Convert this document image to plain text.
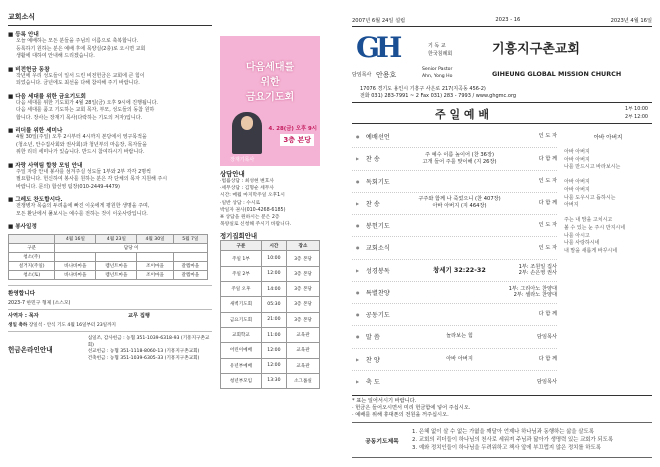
교회소식
■ 등록 안내
오늘 예배하는 모든 분들을 주님의 이름으로 축복합니다.
등록하기 원하는 분은 예배 후에 목양실(2층)로 오시면 교회
생활에 대하여 안내해 드리겠습니다.
■ 비전헌금 동참
작년에 우리 성도들이 일서 드린 비전헌금은 교회에 큰 힘이
되었습니다. 금년에도 최선을 다해 참여해 주기 바랍니다.
■ 다음 세대를 위한 금요기도회
다음 세대를 위한 기도회가 4월 28일(금) 오후 9시에 진행됩니다.
다음 세대를 품고 기도하는 교회 목자, 부모, 성도들의 동참 원하
합니다. 장사는 장재기 목사(다락하는 기도의 저자)입니다.
■ 리더를 위한 세미나
4월 30일(주일) 오후 2시부터 4시까지 본당에서 영구목적을
(청소년, 안수집사회와 권사회)과 청년부의 마음장, 목자들을
위한 리더 세미나가 있습니다. 반드시 참여하시기 바랍니다.
■ 자랑 사역팀 합창 모임 안내
주일 자랑 안내 봉사를 섬겨주실 성도들 1부와 2부 각각 2명씩
필요합니다. 헌신하여 봉사를 원하는 분은 각 단체의 목자 지원해 주시
바랍니다. 문의) 합선영 팀장(010-2449-4479)
■ 그레도 찬도합시다.
전쟁병자 목숨의 두려움에 빠진 이웃에게 평원한 생명을 주며,
모든 환난에서 풀보시는 예수를 전하는 것이 이웃사랑입니다.
■ 봉사일정
	4월 16일	4월 23일	4월 30일	5월 7일
구분	담당 이			
청소(주)				
설거지(주일)	바나바마을	렘넌트마을	조이마을	갈렙마을
청소(토)	바나바마을	렘넌트마을	조이마을	갈렙마을
환영합니다
2023-7 한민구 형제 (소스모)
사역자 : 목자	교무 집행
생일 축하 장일석 - 안식 기도 4월 16일부터 23일까지
헌금온라인안내
십일조, 감사헌금 : 농협 351-1039-6318-93 (기흥지구촌교회)
선교헌금 : 농협 351-1118-8060-13 (기흥지구촌교회)
건축헌금 : 농협 351-1039-6305-33 (기흥지구촌교회)
다음세대를
위한
금요기도회
4. 28(금) 오후 9시
3층 본당
장재기목사
상담안내
·법률상담 : 최성현 변호사
·세무상담 : 김형순 세무사
시간: 매월 마지막주일 오후1시
·일반 상담 : 수시로
박일자 권사(010-4268-6185)
※ 상담을 원하시는 분은 2층
목양실로 신청해 주시기 바랍니다.
정기집회안내
구분	시간	장소
주일 1부	10:00	3층 본당
주일 2부	12:00	3층 본당
주일 오후	14:00	3층 본당
새벽기도회	05:30	3층 본당
금요기도회	21:00	3층 본당
교회학교	11:00	교육관
어린이예배	12:00	교육관
유년부예배	12:00	교육관
청년부모임	13:30	소그룹실
2007년 6월 24일 설립	2023 - 16	2023년 4월 16일
GH	기 독 교
한국침례회	기흥지구촌교회
담임목사 안용호
Senior Pastor
Ahn, Yong Ho	GIHEUNG GLOBAL MISSION CHURCH
17076 경기도 용인시 기흥구 사은로 217(지곡동 456-2)
전화 031) 283-7991 ~ 2 Fax 031) 283 - 7993 / www.ghgmc.org
주 일 예 배	1부 10:00
2부 12:00
● 예배선언	인 도 자
▶ 찬 송
주 예수 이름 높이어 (찬 36장)
고개 들어 주를 맞이해 (지 26장)
다 함 께
● 독회기도	인 도 자
▶ 찬 송
구주와 함께 나 죽었으니 (찬 407장)
아바 아버지 (지 464장)
다 함 께
● 봉헌기도	인 도 자
● 교회소식	인 도 자
▶ 성경봉독	창세기 32:22-32	1부: 조원일 집사
2부: 손은영 권사
● 특별찬양
1부: 그리아노 찬양대
2부: 셀라노 찬양대
● 공동기도	다 함 께
● 말 씀	놀라보는 힘	담임목사
▶ 찬 양	아바 아버지	다 함 께
▶ 축 도	담임목사
아바 아버지
아바 아버지
아바 아버지
나를 만드시고 바라보시는

아바 아버지
아바 아버지
나를 도우시고 돕하시는
아버지

주는 내 맘을 고치시고
볼 수 있는 눈 주시 만지시네
나를 아시고
나를 사랑하시네
내 맘을 새롭게 바꾸시네
* 표는 일어서시기 바랍니다.
· 헌금은 들어오시면서 미리 헌금함에 넣어 주십시오.
· 예배를 위해 휴대폰의 전원을 꺼주십시오.
공동기도제목
1. 은혜 없이 살 수 없는 가엾을 깨달아 언제나 하나님과 동행하는 삶을 살도록
2. 교회의 리더들이 하나님의 천사로 세워져 주님과 닮아가 생명력 있는 교회가 되도록
3. 예와 정치인들이 하나님을 두려워하고 책사 앞에 부끄럽지 않은 정치를 하도록
